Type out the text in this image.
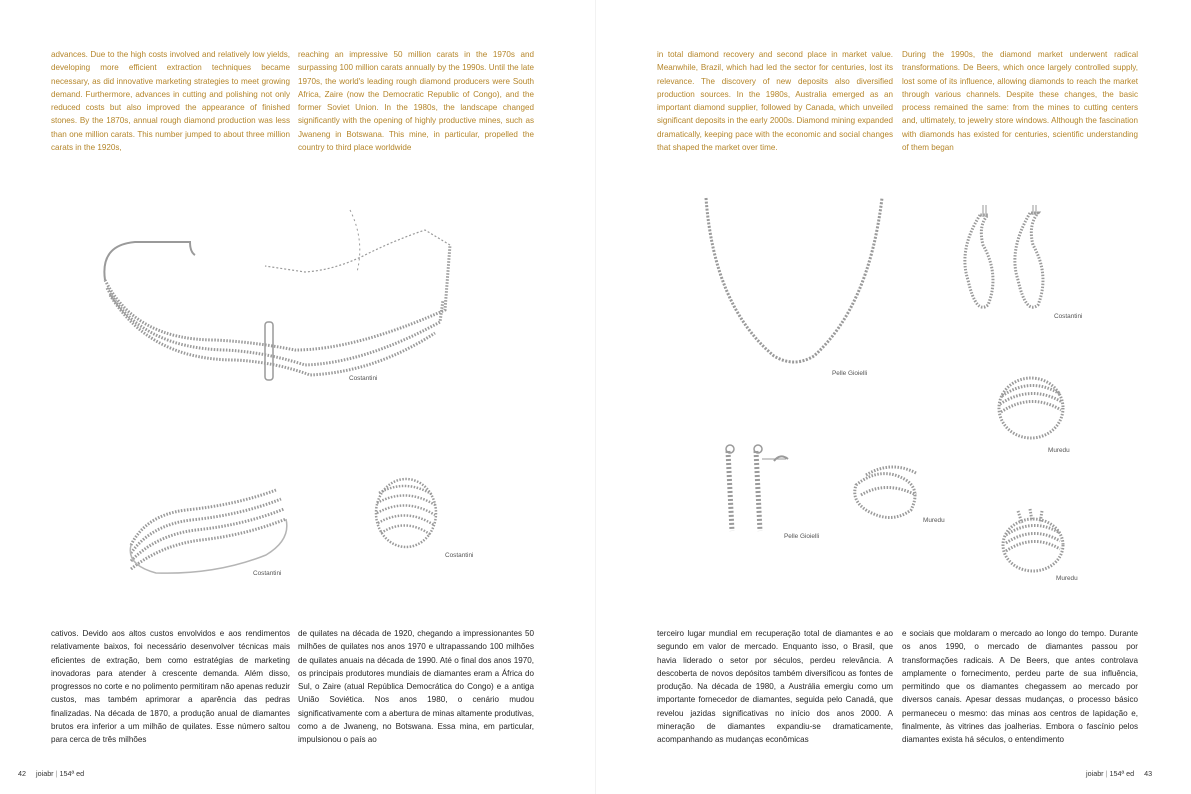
advances. Due to the high costs involved and relatively low yields, developing more efficient extraction techniques became necessary, as did innovative marketing strategies to meet growing demand. Furthermore, advances in cutting and polishing not only reduced costs but also improved the appearance of finished stones. By the 1870s, annual rough diamond production was less than one million carats. This number jumped to about three million carats in the 1920s,

reaching an impressive 50 million carats in the 1970s and surpassing 100 million carats annually by the 1990s. Until the late 1970s, the world's leading rough diamond producers were South Africa, Zaire (now the Democratic Republic of Congo), and the former Soviet Union. In the 1980s, the landscape changed significantly with the opening of highly productive mines, such as Jwaneng in Botswana. This mine, in particular, propelled the country to third place worldwide

Costantini
Costantini
Costantini

cativos. Devido aos altos custos envolvidos e aos rendimentos relativamente baixos, foi necessário desenvolver técnicas mais eficientes de extração, bem como estratégias de marketing inovadoras para atender à crescente demanda. Além disso, progressos no corte e no polimento permitiram não apenas reduzir custos, mas também aprimorar a aparência das pedras finalizadas. Na década de 1870, a produção anual de diamantes brutos era inferior a um milhão de quilates. Esse número saltou para cerca de três milhões

de quilates na década de 1920, chegando a impressionantes 50 milhões de quilates nos anos 1970 e ultrapassando 100 milhões de quilates anuais na década de 1990. Até o final dos anos 1970, os principais produtores mundiais de diamantes eram a África do Sul, o Zaire (atual República Democrática do Congo) e a antiga União Soviética. Nos anos 1980, o cenário mudou significativamente com a abertura de minas altamente produtivas, como a de Jwaneng, no Botswana. Essa mina, em particular, impulsionou o país ao

42 joiabr | 154ª ed

in total diamond recovery and second place in market value. Meanwhile, Brazil, which had led the sector for centuries, lost its relevance. The discovery of new deposits also diversified production sources. In the 1980s, Australia emerged as an important diamond supplier, followed by Canada, which unveiled significant deposits in the early 2000s. Diamond mining expanded dramatically, keeping pace with the economic and social changes that shaped the market over time.

During the 1990s, the diamond market underwent radical transformations. De Beers, which once largely controlled supply, lost some of its influence, allowing diamonds to reach the market through various channels. Despite these changes, the basic process remained the same: from the mines to cutting centers and, ultimately, to jewelry store windows. Although the fascination with diamonds has existed for centuries, scientific understanding of them began

Pelle Gioielli
Costantini
Muredu
Pelle Gioielli
Muredu
Muredu

terceiro lugar mundial em recuperação total de diamantes e ao segundo em valor de mercado. Enquanto isso, o Brasil, que havia liderado o setor por séculos, perdeu relevância. A descoberta de novos depósitos também diversificou as fontes de produção. Na década de 1980, a Austrália emergiu como um importante fornecedor de diamantes, seguida pelo Canadá, que revelou jazidas significativas no início dos anos 2000. A mineração de diamantes expandiu-se dramaticamente, acompanhando as mudanças econômicas

e sociais que moldaram o mercado ao longo do tempo. Durante os anos 1990, o mercado de diamantes passou por transformações radicais. A De Beers, que antes controlava amplamente o fornecimento, perdeu parte de sua influência, permitindo que os diamantes chegassem ao mercado por diversos canais. Apesar dessas mudanças, o processo básico permaneceu o mesmo: das minas aos centros de lapidação e, finalmente, às vitrines das joalherias. Embora o fascínio pelos diamantes exista há séculos, o entendimento

joiabr | 154ª ed 43
